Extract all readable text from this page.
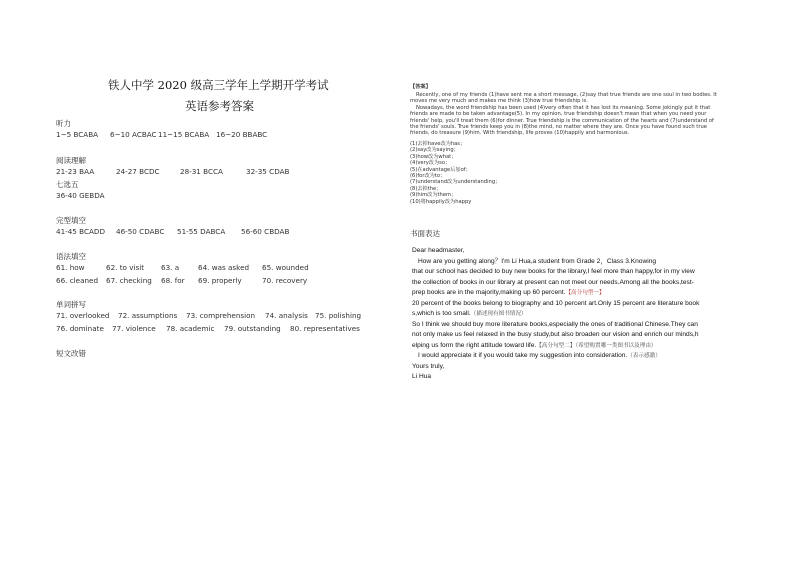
铁人中学 2020 级高三学年上学期开学考试
英语参考答案
听力
1~5 BCABA 6~10 ACBAC 11~15 BCABA 16~20 BBABC
阅读理解
21-23 BAA	24-27 BCDC	28-31 BCCA	32-35 CDAB
七选五
36-40 GEBDA
完型填空
41-45 BCADD 46-50 CDABC 51-55 DABCA 56-60 CBDAB
语法填空
61. how	62. to visit 63. a	64. was asked 65. wounded
66. cleaned 67. checking 68. for 69. properly	70. recovery
单词拼写
71. overlooked 72. assumptions 73. comprehension 74. analysis 75. polishing
76. dominate 77. violence 78. academic 79. outstanding 80. representatives
短文改错
【答案】
Recently, one of my friends (1)have sent me a short message, (2)say that true friends are one soul in two bodies. It
moves me very much and makes me think (3)how true friendship is.
Nowadays, the word friendship has been used (4)very often that it has lost its meaning. Some jokingly put it that
friends are made to be taken advantage(5). In my opinion, true friendship doesn't mean that when you need your
friends' help, you'll treat them (6)for dinner. True friendship is the communication of the hearts and (7)understand of
the friends' souls. True friends keep you in (8)the mind, no matter where they are. Once you have found such true
friends, do treasure (9)him. With friendship, life proves (10)happily and harmonious.
(1)去掉have改为has；
(2)say改为saying；
(3)how改为what；
(4)very改为so；
(5)在advantage后加of；
(6)for改为to；
(7)understand改为understanding；
(8)去掉the；
(9)him改为them；
(10)将happily改为happy
书面表达
Dear headmaster,
How are you getting along？I'm Li Hua,a student from Grade 2，Class 3.Knowing
that our school has decided to buy new books for the library,I feel more than happy,for in my view
the collection of books in our library at present can not meet our needs.Among all the books,test-
prep books are in the majority,making up 60 percent.【高分句型一】
20 percent of the books belong to biography and 10 percent art.Only 15 percent are literature book
s,which is too small.（描述现有图书情况）
So I think we should buy more literature books,especially the ones of traditional Chinese.They can
not only make us feel relaxed in the busy study,but also broaden our vision and enrich our minds,h
elping us form the right attitude toward life.【高分句型二】（希望购置哪一类图书以及理由）
I would appreciate it if you would take my suggestion into consideration.（表示感激）
Yours truly,
Li Hua
